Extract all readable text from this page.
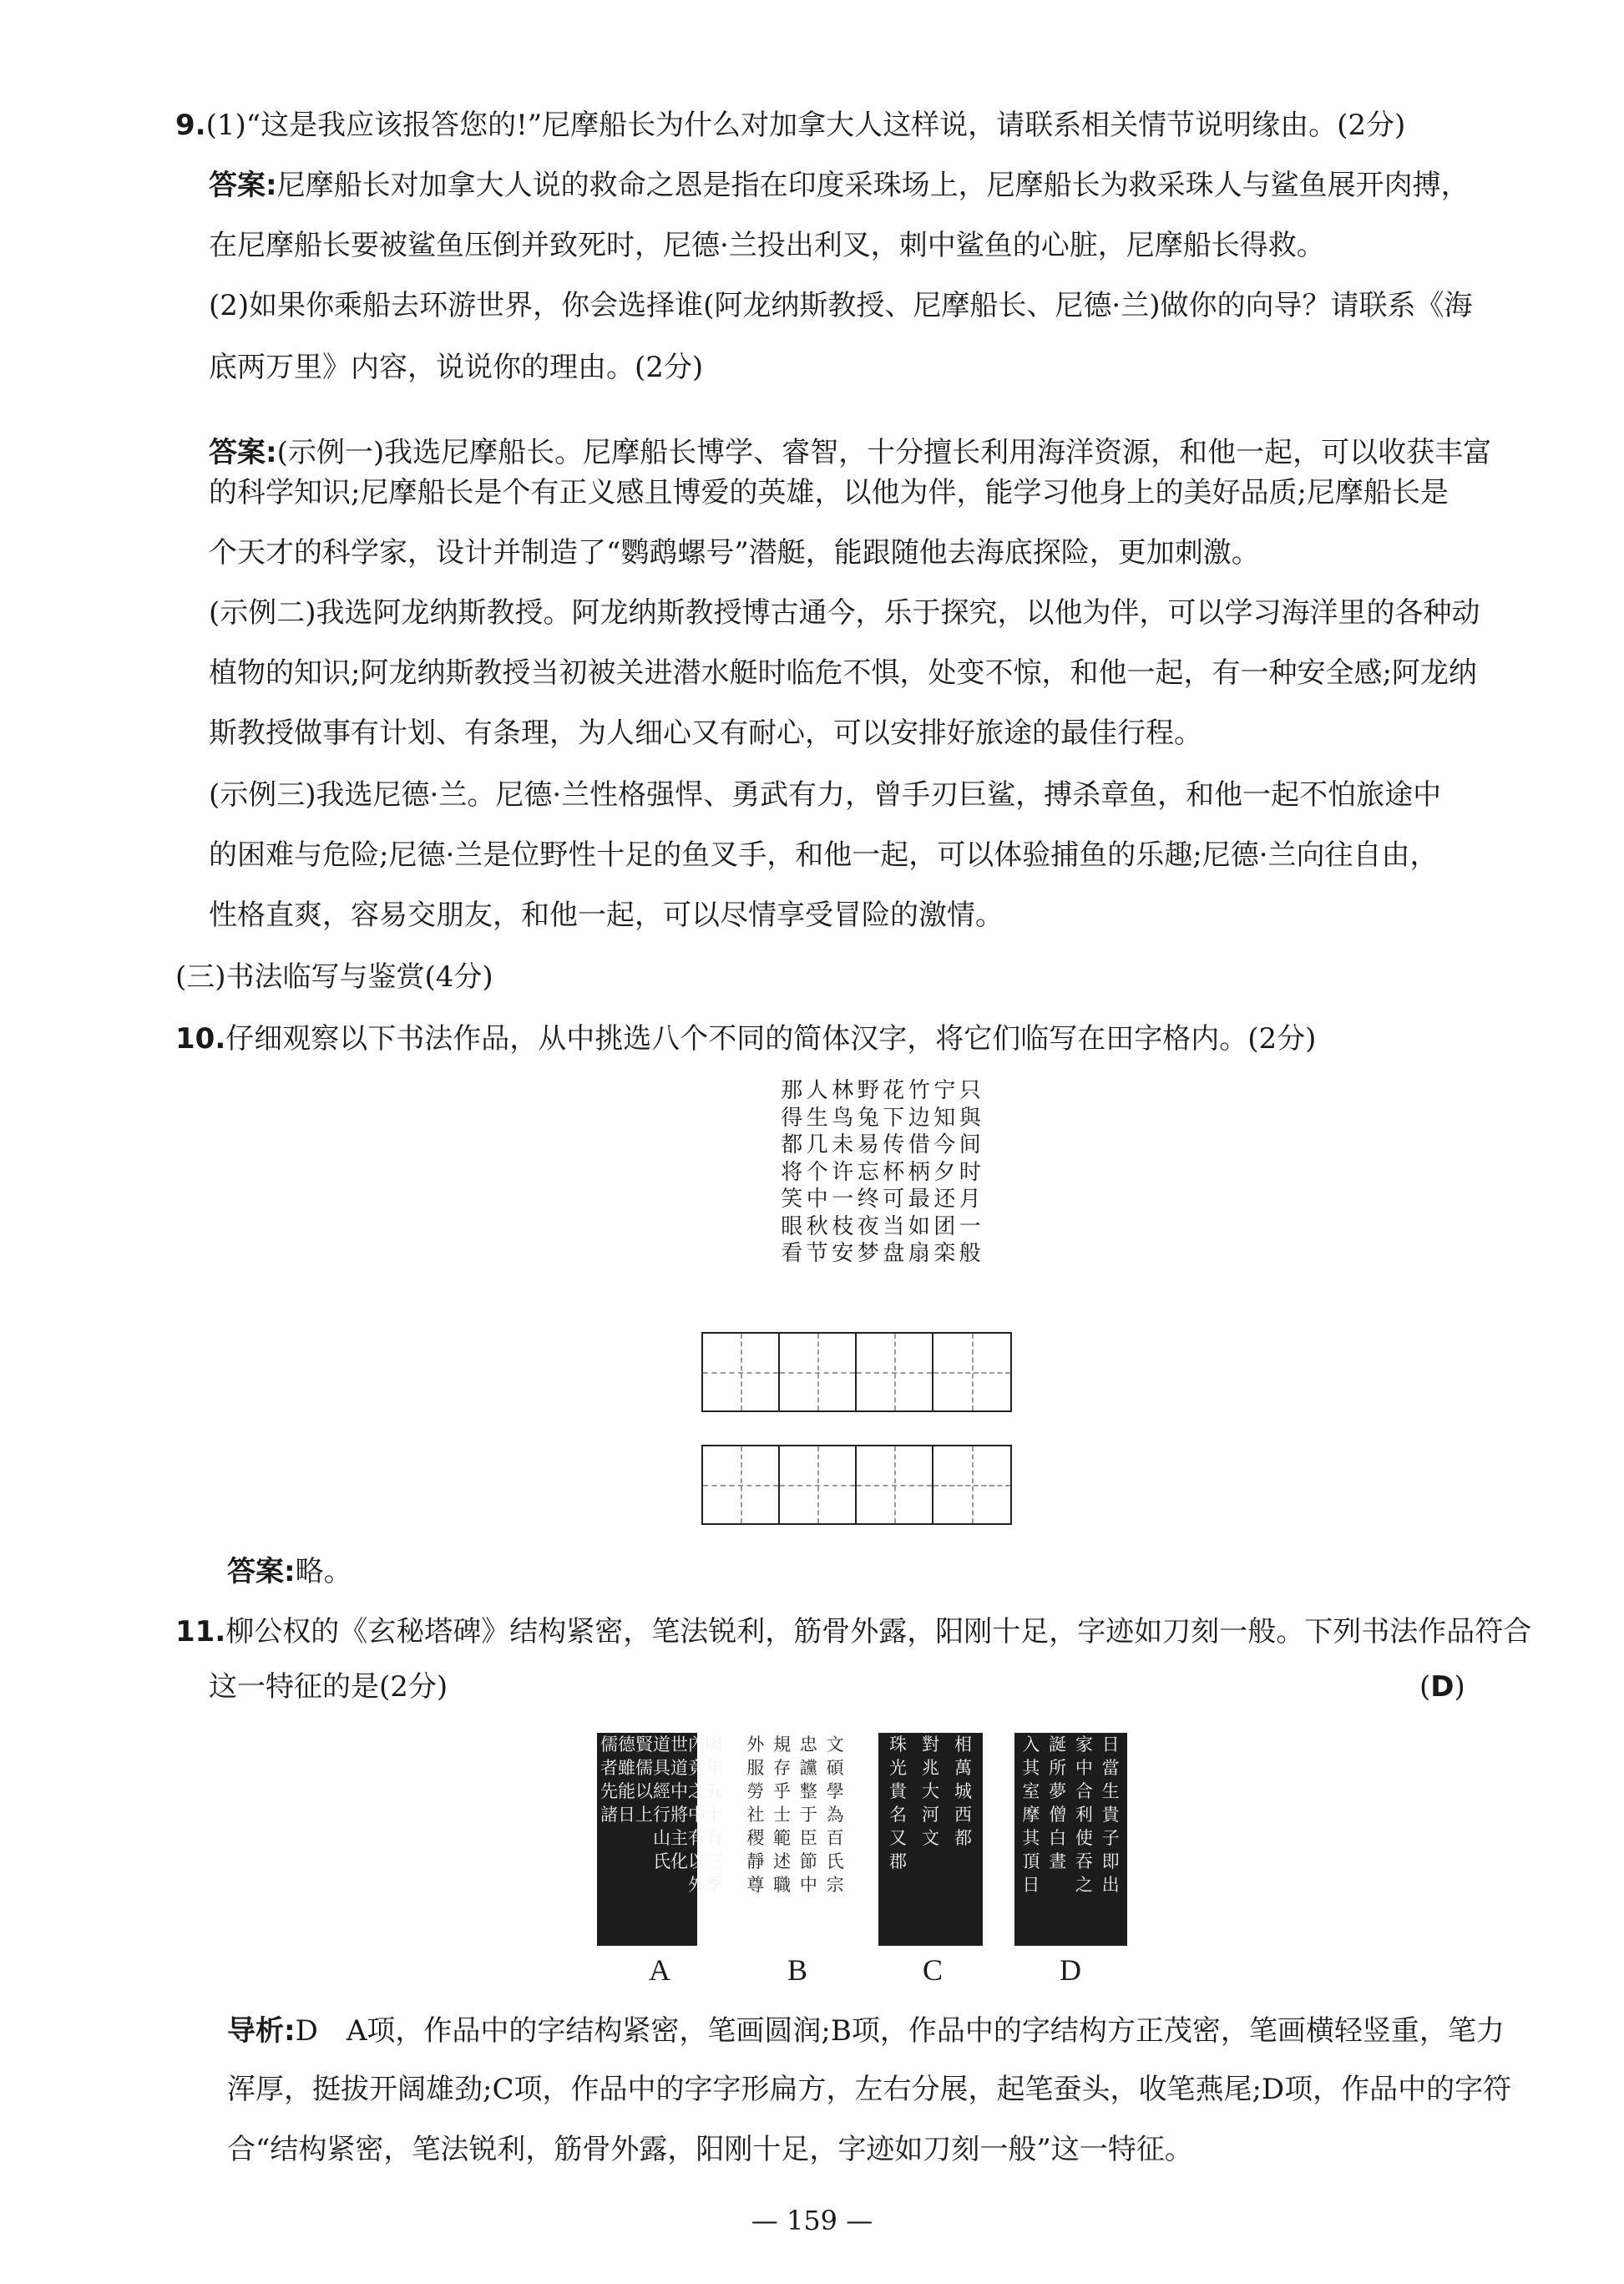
9.(1)“这是我应该报答您的!”尼摩船长为什么对加拿大人这样说，请联系相关情节说明缘由。(2分)
答案:尼摩船长对加拿大人说的救命之恩是指在印度采珠场上，尼摩船长为救采珠人与鲨鱼展开肉搏，
在尼摩船长要被鲨鱼压倒并致死时，尼德·兰投出利叉，刺中鲨鱼的心脏，尼摩船长得救。
(2)如果你乘船去环游世界，你会选择谁(阿龙纳斯教授、尼摩船长、尼德·兰)做你的向导？请联系《海
底两万里》内容，说说你的理由。(2分)
答案:(示例一)我选尼摩船长。尼摩船长博学、睿智，十分擅长利用海洋资源，和他一起，可以收获丰富
的科学知识;尼摩船长是个有正义感且博爱的英雄，以他为伴，能学习他身上的美好品质;尼摩船长是
个天才的科学家，设计并制造了“鹦鹉螺号”潜艇，能跟随他去海底探险，更加刺激。
(示例二)我选阿龙纳斯教授。阿龙纳斯教授博古通今，乐于探究，以他为伴，可以学习海洋里的各种动
植物的知识;阿龙纳斯教授当初被关进潜水艇时临危不惧，处变不惊，和他一起，有一种安全感;阿龙纳
斯教授做事有计划、有条理，为人细心又有耐心，可以安排好旅途的最佳行程。
(示例三)我选尼德·兰。尼德·兰性格强悍、勇武有力，曾手刃巨鲨，搏杀章鱼，和他一起不怕旅途中
的困难与危险;尼德·兰是位野性十足的鱼叉手，和他一起，可以体验捕鱼的乐趣;尼德·兰向往自由，
性格直爽，容易交朋友，和他一起，可以尽情享受冒险的激情。
(三)书法临写与鉴赏(4分)
10.仔细观察以下书法作品，从中挑选八个不同的简体汉字，将它们临写在田字格内。(2分)
只
與
间
时
月
一
般
宁
知
今
夕
还
团
栾
竹
边
借
柄
最
如
扇
花
下
传
杯
可
当
盘
野
兔
易
忘
终
夜
梦
林
鸟
未
许
一
枝
安
人
生
几
个
中
秋
节
那
得
都
将
笑
眼
看
答案:略。
11.柳公权的《玄秘塔碑》结构紧密，笔法锐利，筋骨外露，阳刚十足，字迹如刀刻一般。下列书法作品符合
这一特征的是(2分)	(D)
嗚
年
五
十
有
三
季
內
竟
之
中
有
以
外
世
道
中
將
主
化
道
具
經
行
山
氏
賢
儒
以
上
德
雖
能
日
儒
者
先
諸
文
碩
學
為
百
氏
宗
忠
讜
整
于
臣
節
中
規
存
乎
士
範
述
職
外
服
勞
社
稷
靜
尊
相
萬
城
西
都
對
兆
大
河
文
珠
光
貴
名
又
郡
日
當
生
貴
子
即
出
家
中
合
利
使
吞
之
誕
所
夢
僧
白
晝
入
其
室
摩
其
頂
日
A	B	C	D
导析:D　A项，作品中的字结构紧密，笔画圆润;B项，作品中的字结构方正茂密，笔画横轻竖重，笔力
浑厚，挺拔开阔雄劲;C项，作品中的字字形扁方，左右分展，起笔蚕头，收笔燕尾;D项，作品中的字符
合“结构紧密，笔法锐利，筋骨外露，阳刚十足，字迹如刀刻一般”这一特征。
— 159 —
